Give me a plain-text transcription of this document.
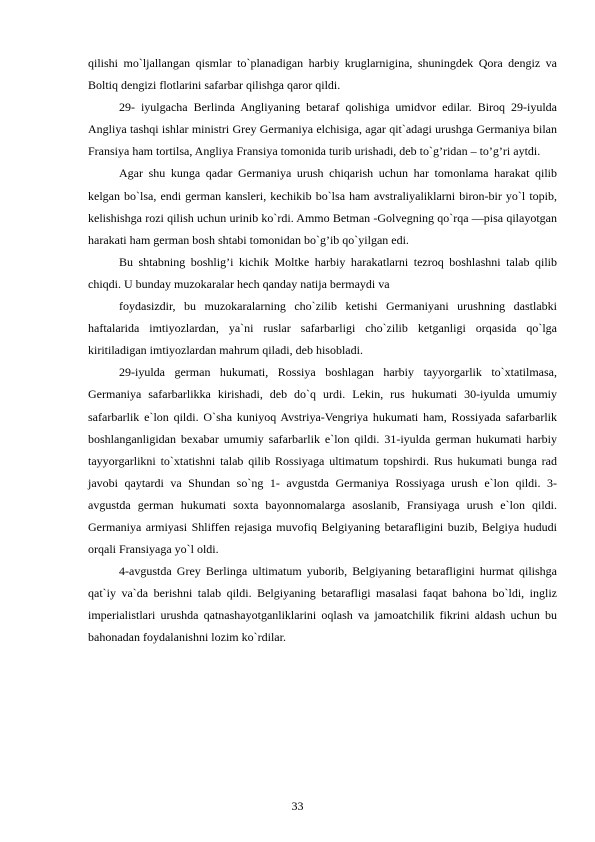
qilishi mo`ljallangan qismlar to`planadigan harbiy kruglarnigina, shuningdek Qora dengiz va Boltiq dengizi flotlarini safarbar qilishga qaror qildi.

29- iyulgacha Berlinda Angliyaning betaraf qolishiga umidvor edilar. Biroq 29-iyulda Angliya tashqi ishlar ministri Grey Germaniya elchisiga, agar qit`adagi urushga Germaniya bilan Fransiya ham tortilsa, Angliya Fransiya tomonida turib urishadi, deb to`g’ridan – to’g’ri aytdi.

Agar shu kunga qadar Germaniya urush chiqarish uchun har tomonlama harakat qilib kelgan bo`lsa, endi german kansleri, kechikib bo`lsa ham avstraliyaliklarni biron-bir yo`l topib, kelishishga rozi qilish uchun urinib ko`rdi. Ammo Betman -Golvegning qo`rqa —pisa qilayotgan harakati ham german bosh shtabi tomonidan bo`g’ib qo`yilgan edi.

Bu shtabning boshlig’i kichik Moltke harbiy harakatlarni tezroq boshlashni talab qilib chiqdi. U bunday muzokaralar hech qanday natija bermaydi va

foydasizdir, bu muzokaralarning cho`zilib ketishi Germaniyani urushning dastlabki haftalarida imtiyozlardan, ya`ni ruslar safarbarligi cho`zilib ketganligi orqasida qo`lga kiritiladigan imtiyozlardan mahrum qiladi, deb hisobladi.

29-iyulda german hukumati, Rossiya boshlagan harbiy tayyorgarlik to`xtatilmasa, Germaniya safarbarlikka kirishadi, deb do`q urdi. Lekin, rus hukumati 30-iyulda umumiy safarbarlik e`lon qildi. O`sha kuniyoq Avstriya-Vengriya hukumati ham, Rossiyada safarbarlik boshlanganligidan bexabar umumiy safarbarlik e`lon qildi. 31-iyulda german hukumati harbiy tayyorgarlikni to`xtatishni talab qilib Rossiyaga ultimatum topshirdi. Rus hukumati bunga rad javobi qaytardi va Shundan so`ng 1- avgustda Germaniya Rossiyaga urush e`lon qildi. 3- avgustda german hukumati soxta bayonnomalarga asoslanib, Fransiyaga urush e`lon qildi. Germaniya armiyasi Shliffen rejasiga muvofiq Belgiyaning betarafligini buzib, Belgiya hududi orqali Fransiyaga yo`l oldi.

4-avgustda Grey Berlinga ultimatum yuborib, Belgiyaning betarafligini hurmat qilishga qat`iy va`da berishni talab qildi. Belgiyaning betarafligi masalasi faqat bahona bo`ldi, ingliz imperialistlari urushda qatnashayotganliklarini oqlash va jamoatchilik fikrini aldash uchun bu bahonadan foydalanishni lozim ko`rdilar.

33
